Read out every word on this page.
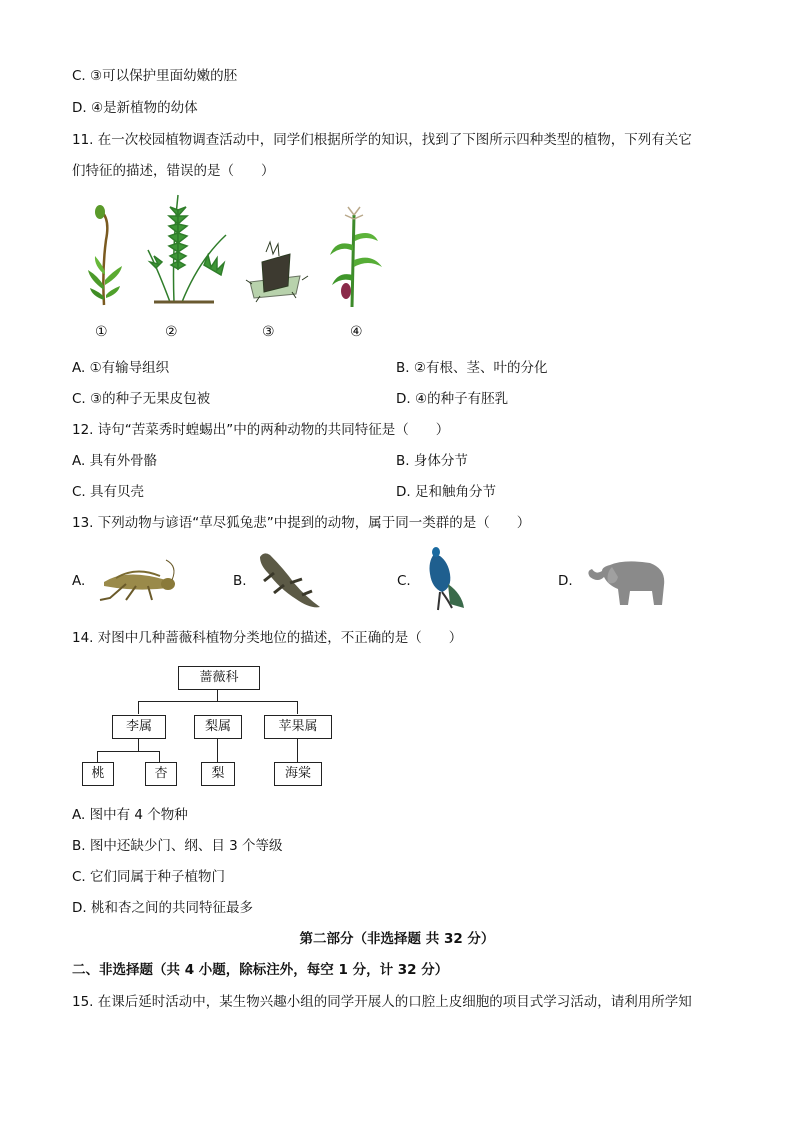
C. ③可以保护里面幼嫩的胚
D. ④是新植物的幼体
11. 在一次校园植物调查活动中，同学们根据所学的知识，找到了下图所示四种类型的植物，下列有关它
们特征的描述，错误的是（　　）
①	②	③	④
A. ①有输导组织	B. ②有根、茎、叶的分化
C. ③的种子无果皮包被	D. ④的种子有胚乳
12. 诗句“苦菜秀时蝗蜴出”中的两种动物的共同特征是（　　）
A. 具有外骨骼	B. 身体分节
C. 具有贝壳	D. 足和触角分节
13. 下列动物与谚语“草尽狐兔悲”中提到的动物，属于同一类群的是（　　）
A.	B.	C.	D.
14. 对图中几种蔷薇科植物分类地位的描述，不正确的是（　　）
蔷薇科
李属	梨属	苹果属
桃	杏	梨	海棠
A. 图中有 4 个物种
B. 图中还缺少门、纲、目 3 个等级
C. 它们同属于种子植物门
D. 桃和杏之间的共同特征最多
第二部分（非选择题 共 32 分）
二、非选择题（共 4 小题，除标注外，每空 1 分，计 32 分）
15. 在课后延时活动中，某生物兴趣小组的同学开展人的口腔上皮细胞的项目式学习活动，请利用所学知
